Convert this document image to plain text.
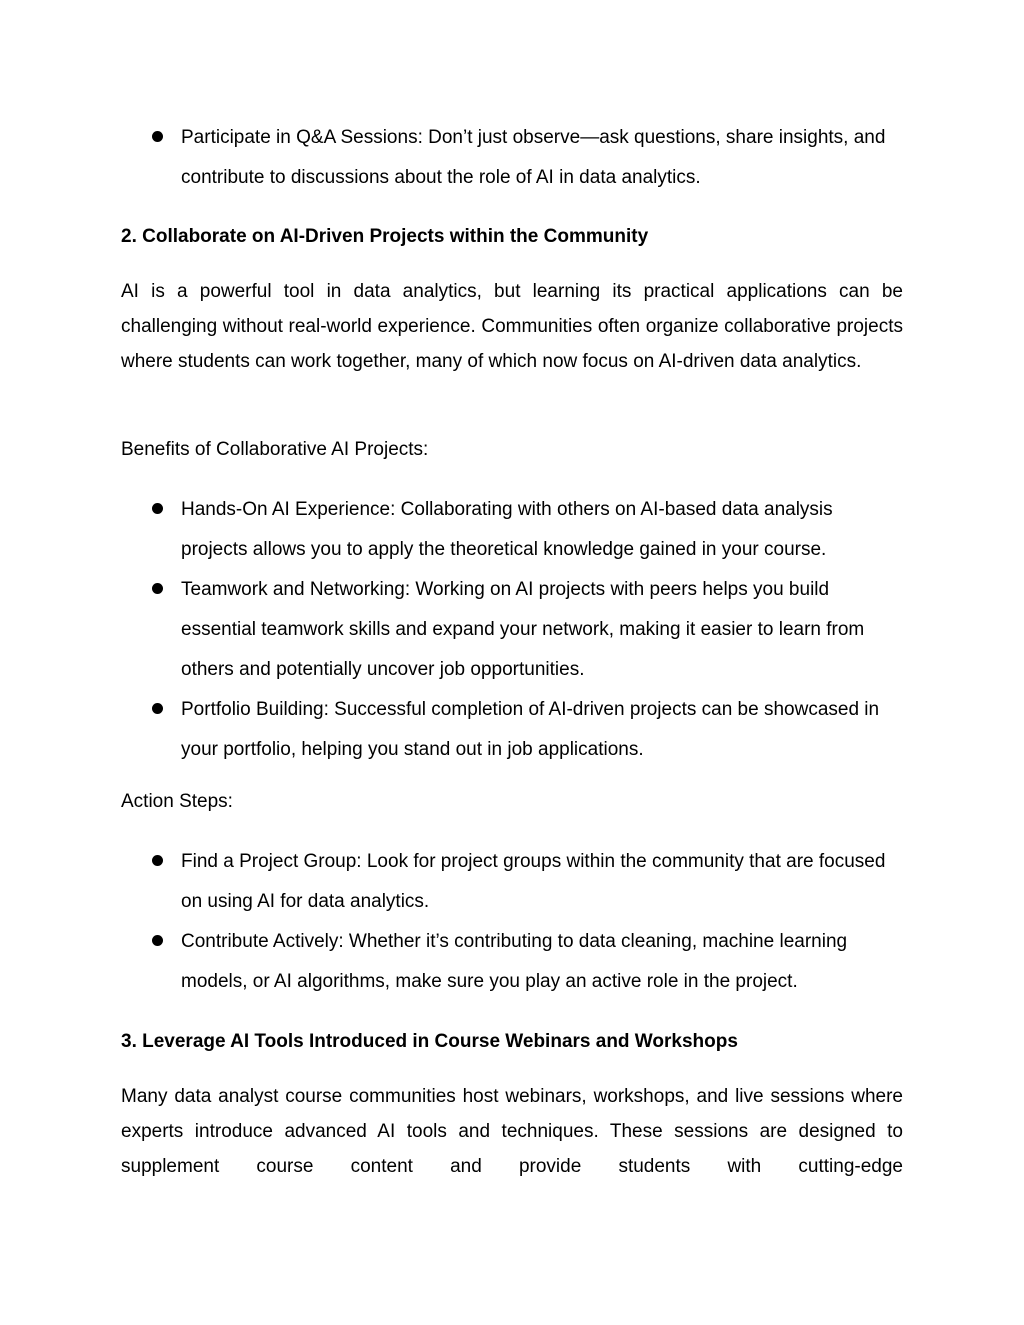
Participate in Q&A Sessions: Don’t just observe—ask questions, share insights, and contribute to discussions about the role of AI in data analytics.
2. Collaborate on AI-Driven Projects within the Community

AI is a powerful tool in data analytics, but learning its practical applications can be challenging without real-world experience. Communities often organize collaborative projects where students can work together, many of which now focus on AI-driven data analytics.

Benefits of Collaborative AI Projects:

Hands-On AI Experience: Collaborating with others on AI-based data analysis projects allows you to apply the theoretical knowledge gained in your course.
Teamwork and Networking: Working on AI projects with peers helps you build essential teamwork skills and expand your network, making it easier to learn from others and potentially uncover job opportunities.
Portfolio Building: Successful completion of AI-driven projects can be showcased in your portfolio, helping you stand out in job applications.

Action Steps:

Find a Project Group: Look for project groups within the community that are focused on using AI for data analytics.
Contribute Actively: Whether it’s contributing to data cleaning, machine learning models, or AI algorithms, make sure you play an active role in the project.
3. Leverage AI Tools Introduced in Course Webinars and Workshops

Many data analyst course communities host webinars, workshops, and live sessions where experts introduce advanced AI tools and techniques. These sessions are designed to supplement course content and provide students with cutting-edge
